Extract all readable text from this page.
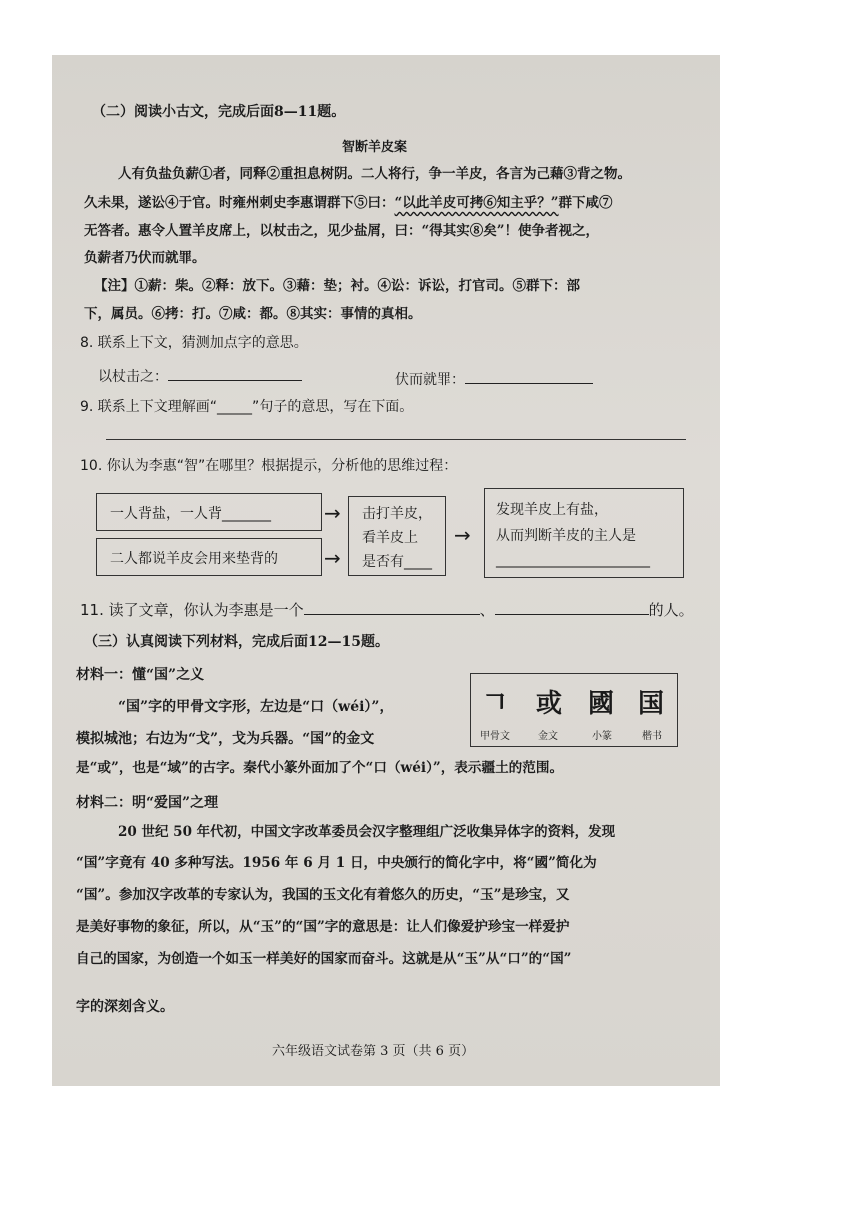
（二）阅读小古文，完成后面8—11题。
智断羊皮案
人有负盐负薪①者，同释②重担息树阴。二人将行，争一羊皮，各言为己藉③背之物。
久未果，遂讼④于官。时雍州刺史李惠谓群下⑤曰：“以此羊皮可拷⑥知主乎？”群下咸⑦
无答者。惠令人置羊皮席上，以杖击之，见少盐屑，曰：“得其实⑧矣”！使争者视之，
负薪者乃伏而就罪。
【注】①薪：柴。②释：放下。③藉：垫；衬。④讼：诉讼，打官司。⑤群下：部
下，属员。⑥拷：打。⑦咸：都。⑧其实：事情的真相。
8. 联系上下文，猜测加点字的意思。
以杖击之：	伏而就罪：
9. 联系上下文理解画“_____”句子的意思，写在下面。
10. 你认为李惠“智”在哪里？根据提示，分析他的思维过程：
一人背盐，一人背_______
二人都说羊皮会用来垫背的
→
→
击打羊皮，
看羊皮上
是否有____
→
发现羊皮上有盐，
从而判断羊皮的主人是
______________________
11. 读了文章，你认为李惠是一个	、	的人。
（三）认真阅读下列材料，完成后面12—15题。
材料一：懂“国”之义
“国”字的甲骨文字形，左边是“口（wéi）”，
模拟城池；右边为“戈”，戈为兵器。“国”的金文
是“或”，也是“域”的古字。秦代小篆外面加了个“口（wéi）”，表示疆土的范围。
𠃍 或 國 国
甲骨文	金文	小篆	楷书
材料二：明“爱国”之理
20 世纪 50 年代初，中国文字改革委员会汉字整理组广泛收集异体字的资料，发现
“国”字竟有 40 多种写法。1956 年 6 月 1 日，中央颁行的简化字中，将“國”简化为
“国”。参加汉字改革的专家认为，我国的玉文化有着悠久的历史，“玉”是珍宝，又
是美好事物的象征，所以，从“玉”的“国”字的意思是：让人们像爱护珍宝一样爱护
自己的国家，为创造一个如玉一样美好的国家而奋斗。这就是从“玉”从“口”的“国”
字的深刻含义。
六年级语文试卷第 3 页（共 6 页）
